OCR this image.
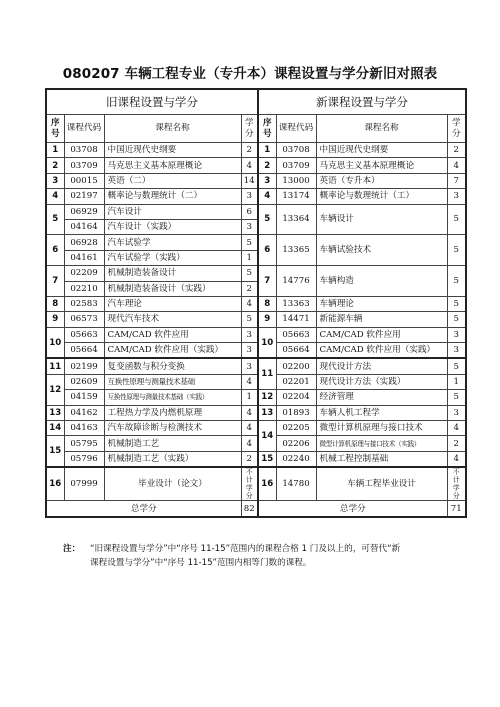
080207 车辆工程专业（专升本）课程设置与学分新旧对照表
旧课程设置与学分				新课程设置与学分			
序号	课程代码	课程名称	学分	序号	课程代码	课程名称	学分
1	03708	中国近现代史纲要	2	1	03708	中国近现代史纲要	2
2	03709	马克思主义基本原理概论	4	2	03709	马克思主义基本原理概论	4
3	00015	英语（二）	14	3	13000	英语（专升本）	7
4	02197	概率论与数理统计（二）	3	4	13174	概率论与数理统计（工）	3
5	06929	汽车设计	6	5	13364	车辆设计	5
	04164	汽车设计（实践）	3				
6	06928	汽车试验学	5	6	13365	车辆试验技术	5
	04161	汽车试验学（实践）	1				
7	02209	机械制造装备设计	5	7	14776	车辆构造	5
	02210	机械制造装备设计（实践）	2				
8	02583	汽车理论	4	8	13363	车辆理论	5
9	06573	现代汽车技术	5	9	14471	新能源车辆	5
10	05663	CAM/CAD 软件应用	3	10	05663	CAM/CAD 软件应用	3
	05664	CAM/CAD 软件应用（实践）	3		05664	CAM/CAD 软件应用（实践）	3
11	02199	复变函数与积分变换	3	11	02200	现代设计方法	5
12	02609	互换性原理与测量技术基础	4		02201	现代设计方法（实践）	1
	04159	互换性原理与测量技术基础（实践）	1	12	02204	经济管理	5
13	04162	工程热力学及内燃机原理	4	13	01893	车辆人机工程学	3
14	04163	汽车故障诊断与检测技术	4	14	02205	微型计算机原理与接口技术	4
15	05795	机械制造工艺	4		02206	微型计算机原理与接口技术（实践）	2
	05796	机械制造工艺（实践）	2	15	02240	机械工程控制基础	4
16	07999	毕业设计（论文）	不计学分	16	14780	车辆工程毕业设计	不计学分
总学分			82	总学分			71
注：	“旧课程设置与学分”中“序号 11-15”范围内的课程合格 1 门及以上的，可替代“新
课程设置与学分”中“序号 11-15”范围内相等门数的课程。
